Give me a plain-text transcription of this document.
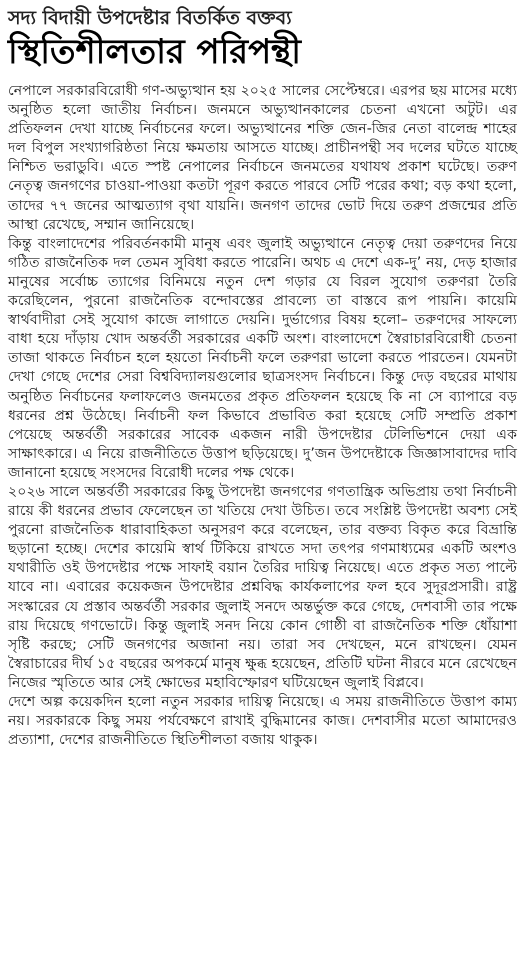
সদ্য বিদায়ী উপদেষ্টার বিতর্কিত বক্তব্য
স্থিতিশীলতার পরিপন্থী

নেপালে সরকারবিরোধী গণ-অভ্যুত্থান হয় ২০২৫ সালের সেপ্টেম্বরে। এরপর ছয় মাসের মধ্যে অনুষ্ঠিত হলো জাতীয় নির্বাচন। জনমনে অভ্যুত্থানকালের চেতনা এখনো অটুট। এর প্রতিফলন দেখা যাচ্ছে নির্বাচনের ফলে। অভ্যুত্থানের শক্তি জেন-জির নেতা বালেন্দ্র শাহের দল বিপুল সংখ্যাগরিষ্ঠতা নিয়ে ক্ষমতায় আসতে যাচ্ছে। প্রাচীনপন্থী সব দলের ঘটতে যাচ্ছে নিশ্চিত ভরাডুবি। এতে স্পষ্ট নেপালের নির্বাচনে জনমতের যথাযথ প্রকাশ ঘটেছে। তরুণ নেতৃত্ব জনগণের চাওয়া-পাওয়া কতটা পূরণ করতে পারবে সেটি পরের কথা; বড় কথা হলো, তাদের ৭৭ জনের আত্মত্যাগ বৃথা যায়নি। জনগণ তাদের ভোট দিয়ে তরুণ প্রজন্মের প্রতি আস্থা রেখেছে, সম্মান জানিয়েছে।

কিন্তু বাংলাদেশের পরিবর্তনকামী মানুষ এবং জুলাই অভ্যুত্থানে নেতৃত্ব দেয়া তরুণদের নিয়ে গঠিত রাজনৈতিক দল তেমন সুবিধা করতে পারেনি। অথচ এ দেশে এক-দু’ নয়, দেড় হাজার মানুষের সর্বোচ্চ ত্যাগের বিনিময়ে নতুন দেশ গড়ার যে বিরল সুযোগ তরুণরা তৈরি করেছিলেন, পুরনো রাজনৈতিক বন্দোবস্তের প্রাবল্যে তা বাস্তবে রূপ পায়নি। কায়েমি স্বার্থবাদীরা সেই সুযোগ কাজে লাগাতে দেয়নি। দুর্ভাগ্যের বিষয় হলো– তরুণদের সাফল্যে বাধা হয়ে দাঁড়ায় খোদ অন্তর্বর্তী সরকারের একটি অংশ। বাংলাদেশে স্বৈরাচারবিরোধী চেতনা তাজা থাকতে নির্বাচন হলে হয়তো নির্বাচনী ফলে তরুণরা ভালো করতে পারতেন। যেমনটা দেখা গেছে দেশের সেরা বিশ্ববিদ্যালয়গুলোর ছাত্রসংসদ নির্বাচনে। কিন্তু দেড় বছরের মাথায় অনুষ্ঠিত নির্বাচনের ফলাফলেও জনমতের প্রকৃত প্রতিফলন হয়েছে কি না সে ব্যাপারে বড় ধরনের প্রশ্ন উঠেছে। নির্বাচনী ফল কিভাবে প্রভাবিত করা হয়েছে সেটি সম্প্রতি প্রকাশ পেয়েছে অন্তর্বর্তী সরকারের সাবেক একজন নারী উপদেষ্টার টেলিভিশনে দেয়া এক সাক্ষাৎকারে। এ নিয়ে রাজনীতিতে উত্তাপ ছড়িয়েছে। দু’জন উপদেষ্টাকে জিজ্ঞাসাবাদের দাবি জানানো হয়েছে সংসদের বিরোধী দলের পক্ষ থেকে।

২০২৬ সালে অন্তর্বর্তী সরকারের কিছু উপদেষ্টা জনগণের গণতান্ত্রিক অভিপ্রায় তথা নির্বাচনী রায়ে কী ধরনের প্রভাব ফেলেছেন তা খতিয়ে দেখা উচিত। তবে সংশ্লিষ্ট উপদেষ্টা অবশ্য সেই পুরনো রাজনৈতিক ধারাবাহিকতা অনুসরণ করে বলেছেন, তার বক্তব্য বিকৃত করে বিভ্রান্তি ছড়ানো হচ্ছে। দেশের কায়েমি স্বার্থ টিকিয়ে রাখতে সদা তৎপর গণমাধ্যমের একটি অংশও যথারীতি ওই উপদেষ্টার পক্ষে সাফাই বয়ান তৈরির দায়িত্ব নিয়েছে। এতে প্রকৃত সত্য পাল্টে যাবে না। এবারের কয়েকজন উপদেষ্টার প্রশ্নবিদ্ধ কার্যকলাপের ফল হবে সুদূরপ্রসারী। রাষ্ট্র সংস্কারের যে প্রস্তাব অন্তর্বর্তী সরকার জুলাই সনদে অন্তর্ভুক্ত করে গেছে, দেশবাসী তার পক্ষে রায় দিয়েছে গণভোটে। কিন্তু জুলাই সনদ নিয়ে কোন গোষ্ঠী বা রাজনৈতিক শক্তি ধোঁয়াশা সৃষ্টি করছে; সেটি জনগণের অজানা নয়। তারা সব দেখছেন, মনে রাখছেন। যেমন স্বৈরাচারের দীর্ঘ ১৫ বছরের অপকর্মে মানুষ ক্ষুব্ধ হয়েছেন, প্রতিটি ঘটনা নীরবে মনে রেখেছেন নিজের স্মৃতিতে আর সেই ক্ষোভের মহাবিস্ফোরণ ঘটিয়েছেন জুলাই বিপ্লবে।

দেশে অল্প কয়েকদিন হলো নতুন সরকার দায়িত্ব নিয়েছে। এ সময় রাজনীতিতে উত্তাপ কাম্য নয়। সরকারকে কিছু সময় পর্যবেক্ষণে রাখাই বুদ্ধিমানের কাজ। দেশবাসীর মতো আমাদেরও প্রত্যাশা, দেশের রাজনীতিতে স্থিতিশীলতা বজায় থাকুক।
